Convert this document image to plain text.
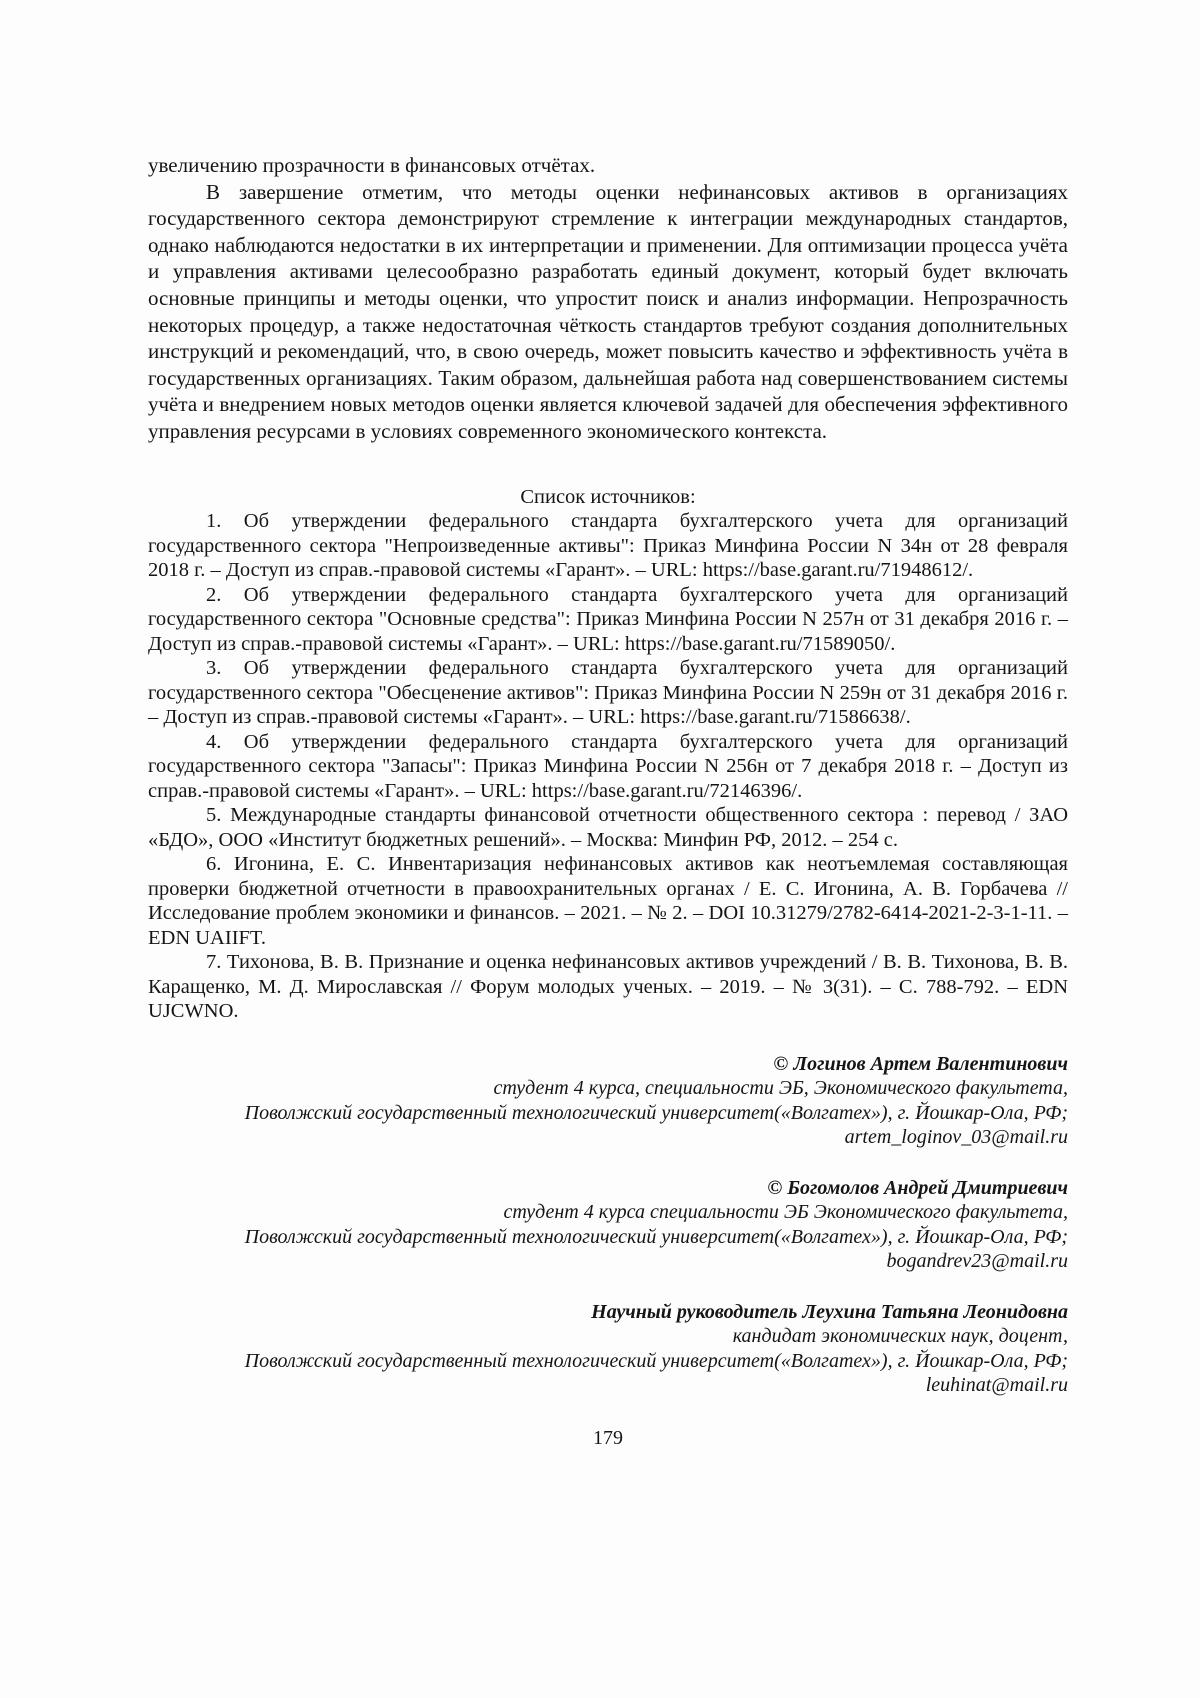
увеличению прозрачности в финансовых отчётах.

В завершение отметим, что методы оценки нефинансовых активов в организациях государственного сектора демонстрируют стремление к интеграции международных стандартов, однако наблюдаются недостатки в их интерпретации и применении. Для оптимизации процесса учёта и управления активами целесообразно разработать единый документ, который будет включать основные принципы и методы оценки, что упростит поиск и анализ информации. Непрозрачность некоторых процедур, а также недостаточная чёткость стандартов требуют создания дополнительных инструкций и рекомендаций, что, в свою очередь, может повысить качество и эффективность учёта в государственных организациях. Таким образом, дальнейшая работа над совершенствованием системы учёта и внедрением новых методов оценки является ключевой задачей для обеспечения эффективного управления ресурсами в условиях современного экономического контекста.

Список источников:

1. Об утверждении федерального стандарта бухгалтерского учета для организаций государственного сектора "Непроизведенные активы": Приказ Минфина России N 34н от 28 февраля 2018 г. – Доступ из справ.-правовой системы «Гарант». – URL: https://base.garant.ru/71948612/.

2. Об утверждении федерального стандарта бухгалтерского учета для организаций государственного сектора "Основные средства": Приказ Минфина России N 257н от 31 декабря 2016 г. – Доступ из справ.-правовой системы «Гарант». – URL: https://base.garant.ru/71589050/.

3. Об утверждении федерального стандарта бухгалтерского учета для организаций государственного сектора "Обесценение активов": Приказ Минфина России N 259н от 31 декабря 2016 г. – Доступ из справ.-правовой системы «Гарант». – URL: https://base.garant.ru/71586638/.

4. Об утверждении федерального стандарта бухгалтерского учета для организаций государственного сектора "Запасы": Приказ Минфина России N 256н от 7 декабря 2018 г. – Доступ из справ.-правовой системы «Гарант». – URL: https://base.garant.ru/72146396/.

5. Международные стандарты финансовой отчетности общественного сектора : перевод / ЗАО «БДО», ООО «Институт бюджетных решений». – Москва: Минфин РФ, 2012. – 254 с.

6. Игонина, Е. С. Инвентаризация нефинансовых активов как неотъемлемая составляющая проверки бюджетной отчетности в правоохранительных органах / Е. С. Игонина, А. В. Горбачева // Исследование проблем экономики и финансов. – 2021. – № 2. – DOI 10.31279/2782-6414-2021-2-3-1-11. – EDN UAIIFT.

7. Тихонова, В. В. Признание и оценка нефинансовых активов учреждений / В. В. Тихонова, В. В. Каращенко, М. Д. Мирославская // Форум молодых ученых. – 2019. – № 3(31). – С. 788-792. – EDN UJCWNO.

© Логинов Артем Валентинович

студент 4 курса, специальности ЭБ, Экономического факультета,

Поволжский государственный технологический университет(«Волгатех»), г. Йошкар-Ола, РФ;

artem_loginov_03@mail.ru

© Богомолов Андрей Дмитриевич

студент 4 курса специальности ЭБ Экономического факультета,

Поволжский государственный технологический университет(«Волгатех»), г. Йошкар-Ола, РФ;

bogandrev23@mail.ru

Научный руководитель Леухина Татьяна Леонидовна

кандидат экономических наук, доцент,

Поволжский государственный технологический университет(«Волгатех»), г. Йошкар-Ола, РФ;

leuhinat@mail.ru

179
